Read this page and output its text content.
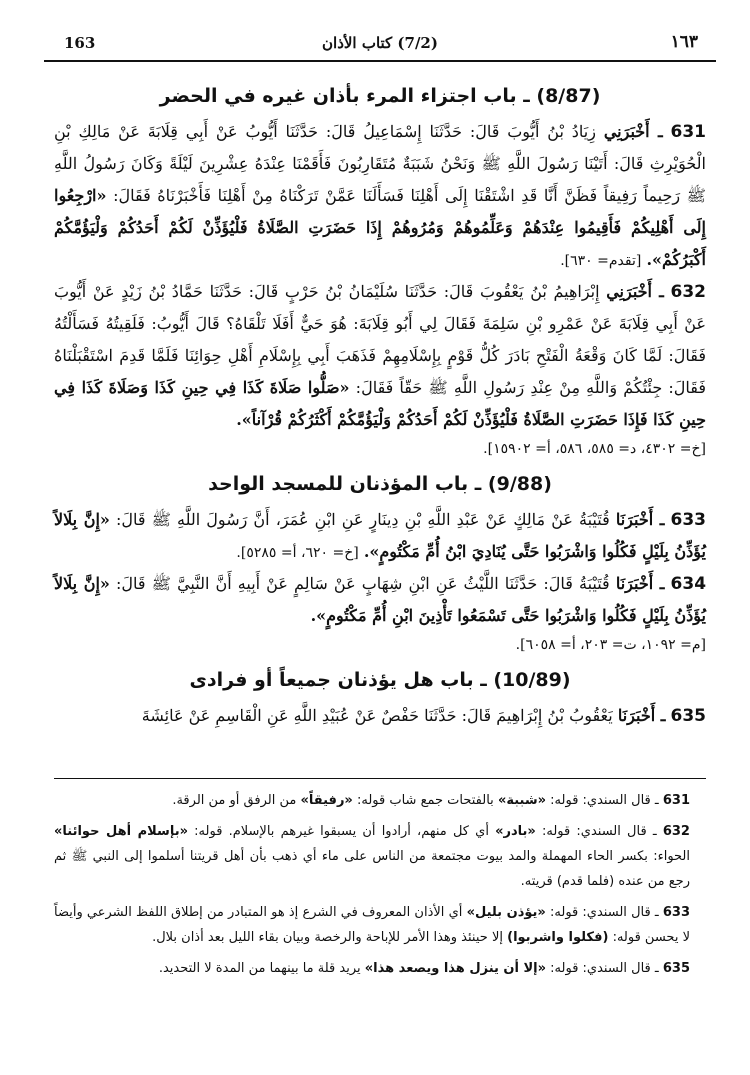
163	(7/2) كتاب الأذان	١٦٣
(8/87) ـ باب اجتزاء المرء بأذان غيره في الحضر

631 ـ أَخْبَرَنِي زِيَادُ بْنُ أَيُّوبَ قَالَ: حَدَّثَنَا إِسْمَاعِيلُ قَالَ: حَدَّثَنَا أَيُّوبُ عَنْ أَبِي قِلَابَةَ عَنْ مَالِكِ بْنِ الْحُوَيْرِثِ قَالَ: أَتَيْنَا رَسُولَ اللَّهِ ﷺ وَنَحْنُ شَبَبَةٌ مُتَقَارِبُونَ فَأَقَمْنَا عِنْدَهُ عِشْرِينَ لَيْلَةً وَكَانَ رَسُولُ اللَّهِ ﷺ رَحِيماً رَفِيقاً فَظَنَّ أَنَّا قَدِ اشْتَقْنَا إِلَى أَهْلِنَا فَسَأَلَنَا عَمَّنْ تَرَكْنَاهُ مِنْ أَهْلِنَا فَأَخْبَرْنَاهُ فَقَالَ: «ارْجِعُوا إِلَى أَهْلِيكُمْ فَأَقِيمُوا عِنْدَهُمْ وَعَلِّمُوهُمْ وَمُرُوهُمْ إِذَا حَضَرَتِ الصَّلَاةُ فَلْيُؤَذِّنْ لَكُمْ أَحَدُكُمْ وَلْيَؤُمَّكُمْ أَكْبَرُكُمْ». [تقدم= ٦٣٠].

632 ـ أَخْبَرَنِي إِبْرَاهِيمُ بْنُ يَعْقُوبَ قَالَ: حَدَّثَنَا سُلَيْمَانُ بْنُ حَرْبٍ قَالَ: حَدَّثَنَا حَمَّادُ بْنُ زَيْدٍ عَنْ أَيُّوبَ عَنْ أَبِي قِلَابَةَ عَنْ عَمْرِو بْنِ سَلِمَةَ فَقَالَ لِي أَبُو قِلَابَةَ: هُوَ حَيٌّ أَفَلَا تَلْقَاهُ؟ قَالَ أَيُّوبُ: فَلَقِيتُهُ فَسَأَلْتُهُ فَقَالَ: لَمَّا كَانَ وَقْعَةُ الْفَتْحِ بَادَرَ كُلُّ قَوْمٍ بِإِسْلَامِهِمْ فَذَهَبَ أَبِي بِإِسْلَامِ أَهْلِ حِوَائِنَا فَلَمَّا قَدِمَ اسْتَقْبَلْنَاهُ فَقَالَ: جِئْتُكُمْ وَاللَّهِ مِنْ عِنْدِ رَسُولِ اللَّهِ ﷺ حَقّاً فَقَالَ: «صَلُّوا صَلَاةَ كَذَا فِي حِينِ كَذَا وَصَلَاةَ كَذَا فِي حِينِ كَذَا فَإِذَا حَضَرَتِ الصَّلَاةُ فَلْيُؤَذِّنْ لَكُمْ أَحَدُكُمْ وَلْيَؤُمَّكُمْ أَكْثَرُكُمْ قُرْآناً».

[خ= ٤٣٠٢، د= ٥٨٥، ٥٨٦، أ= ١٥٩٠٢].

(9/88) ـ باب المؤذنان للمسجد الواحد

633 ـ أَخْبَرَنَا قُتَيْبَةُ عَنْ مَالِكٍ عَنْ عَبْدِ اللَّهِ بْنِ دِينَارٍ عَنِ ابْنِ عُمَرَ، أَنَّ رَسُولَ اللَّهِ ﷺ قَالَ: «إِنَّ بِلَالاً يُؤَذِّنُ بِلَيْلٍ فَكُلُوا وَاشْرَبُوا حَتَّى يُنَادِيَ ابْنُ أُمِّ مَكْتُومٍ». [خ= ٦٢٠، أ= ٥٢٨٥].

634 ـ أَخْبَرَنَا قُتَيْبَةُ قَالَ: حَدَّثَنَا اللَّيْثُ عَنِ ابْنِ شِهَابٍ عَنْ سَالِمٍ عَنْ أَبِيهِ أَنَّ النَّبِيَّ ﷺ قَالَ: «إِنَّ بِلَالاً يُؤَذِّنُ بِلَيْلٍ فَكُلُوا وَاشْرَبُوا حَتَّى تَسْمَعُوا تَأْذِينَ ابْنِ أُمِّ مَكْتُومٍ».

[م= ١٠٩٢، ت= ٢٠٣، أ= ٦٠٥٨].

(10/89) ـ باب هل يؤذنان جميعاً أو فرادى

635 ـ أَخْبَرَنَا يَعْقُوبُ بْنُ إِبْرَاهِيمَ قَالَ: حَدَّثَنَا حَفْصٌ عَنْ عُبَيْدِ اللَّهِ عَنِ الْقَاسِمِ عَنْ عَائِشَةَ

631 ـ قال السندي: قوله: «شببة» بالفتحات جمع شاب قوله: «رفيقاً» من الرفق أو من الرقة.

632 ـ قال السندي: قوله: «بادر» أي كل منهم، أرادوا أن يسبقوا غيرهم بالإسلام. قوله: «بإسلام أهل حوائنا» الحواء: بكسر الحاء المهملة والمد بيوت مجتمعة من الناس على ماء أي ذهب بأن أهل قريتنا أسلموا إلى النبي ﷺ ثم رجع من عنده (فلما قدم) قريته.

633 ـ قال السندي: قوله: «يؤذن بليل» أي الأذان المعروف في الشرع إذ هو المتبادر من إطلاق اللفظ الشرعي وأيضاً لا يحسن قوله: (فكلوا واشربوا) إلا حينئذ وهذا الأمر للإباحة والرخصة وبيان بقاء الليل بعد أذان بلال.

635 ـ قال السندي: قوله: «إلا أن ينزل هذا ويصعد هذا» يريد قلة ما بينهما من المدة لا التحديد.
